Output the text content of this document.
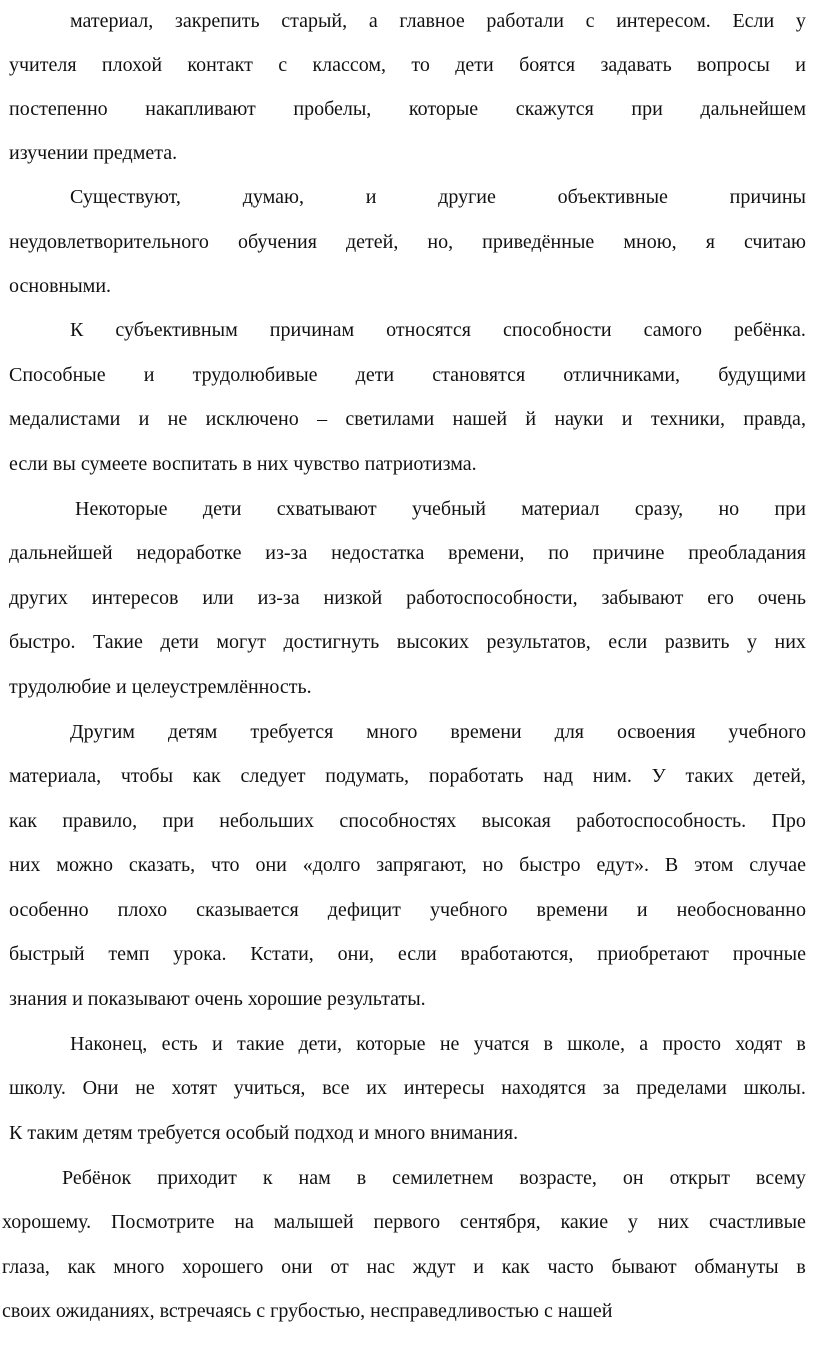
материал, закрепить старый, а главное работали с интересом. Если у
учителя плохой контакт с классом, то дети боятся задавать вопросы и
постепенно накапливают пробелы, которые скажутся при дальнейшем
изучении предмета.
Существуют,	думаю,	и	другие	объективные	причины
неудовлетворительного обучения детей, но, приведённые мною, я считаю
основными.
К субъективным причинам относятся способности самого ребёнка.
Способные и трудолюбивые дети становятся отличниками, будущими
медалистами и не исключено – светилами нашей й науки и техники, правда,
если вы сумеете воспитать в них чувство патриотизма.
Некоторые дети схватывают учебный материал сразу, но при
дальнейшей недоработке из-за недостатка времени, по причине преобладания
других интересов или из-за низкой работоспособности, забывают его очень
быстро. Такие дети могут достигнуть высоких результатов, если развить у них
трудолюбие и целеустремлённость.
Другим детям требуется много времени для освоения учебного
материала, чтобы как следует подумать, поработать над ним. У таких детей,
как правило, при небольших способностях высокая работоспособность. Про
них можно сказать, что они «долго запрягают, но быстро едут». В этом случае
особенно плохо сказывается дефицит учебного времени и необоснованно
быстрый темп урока. Кстати, они, если вработаются, приобретают прочные
знания и показывают очень хорошие результаты.
Наконец, есть и такие дети, которые не учатся в школе, а просто ходят в
школу. Они не хотят учиться, все их интересы находятся за пределами школы.
К таким детям требуется особый подход и много внимания.
Ребёнок приходит к нам в семилетнем возрасте, он открыт всему
хорошему. Посмотрите на малышей первого сентября, какие у них счастливые
глаза, как много хорошего они от нас ждут и как часто бывают обмануты в
своих ожиданиях, встречаясь с грубостью, несправедливостью с нашей
